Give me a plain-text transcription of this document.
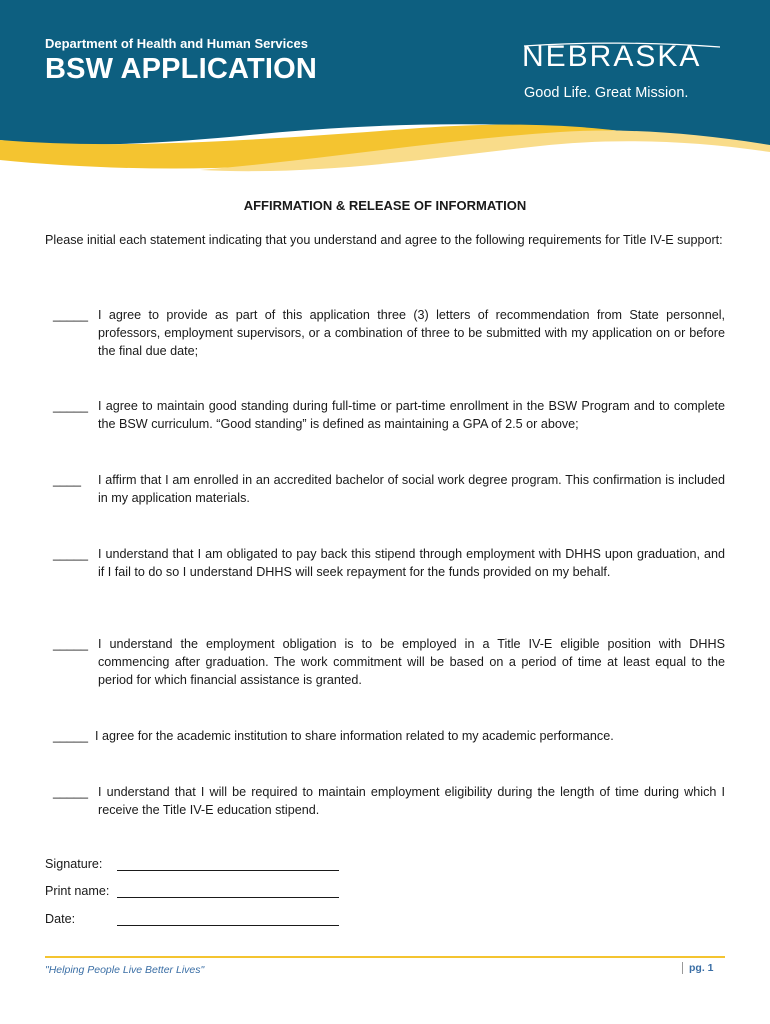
Department of Health and Human Services
BSW APPLICATION	NEBRASKA
Good Life. Great Mission.
AFFIRMATION & RELEASE OF INFORMATION
Please initial each statement indicating that you understand and agree to the following requirements for Title IV-E support:
_____ I agree to provide as part of this application three (3) letters of recommendation from State personnel, professors, employment supervisors, or a combination of three to be submitted with my application on or before the final due date;
_____ I agree to maintain good standing during full-time or part-time enrollment in the BSW Program and to complete the BSW curriculum. “Good standing” is defined as maintaining a GPA of 2.5 or above;
____ I affirm that I am enrolled in an accredited bachelor of social work degree program. This confirmation is included in my application materials.
_____ I understand that I am obligated to pay back this stipend through employment with DHHS upon graduation, and if I fail to do so I understand DHHS will seek repayment for the funds provided on my behalf.
_____ I understand the employment obligation is to be employed in a Title IV-E eligible position with DHHS commencing after graduation. The work commitment will be based on a period of time at least equal to the period for which financial assistance is granted.
_____ I agree for the academic institution to share information related to my academic performance.
_____ I understand that I will be required to maintain employment eligibility during the length of time during which I receive the Title IV-E education stipend.
Signature:
Print name:
Date:
"Helping People Live Better Lives"	pg. 1
